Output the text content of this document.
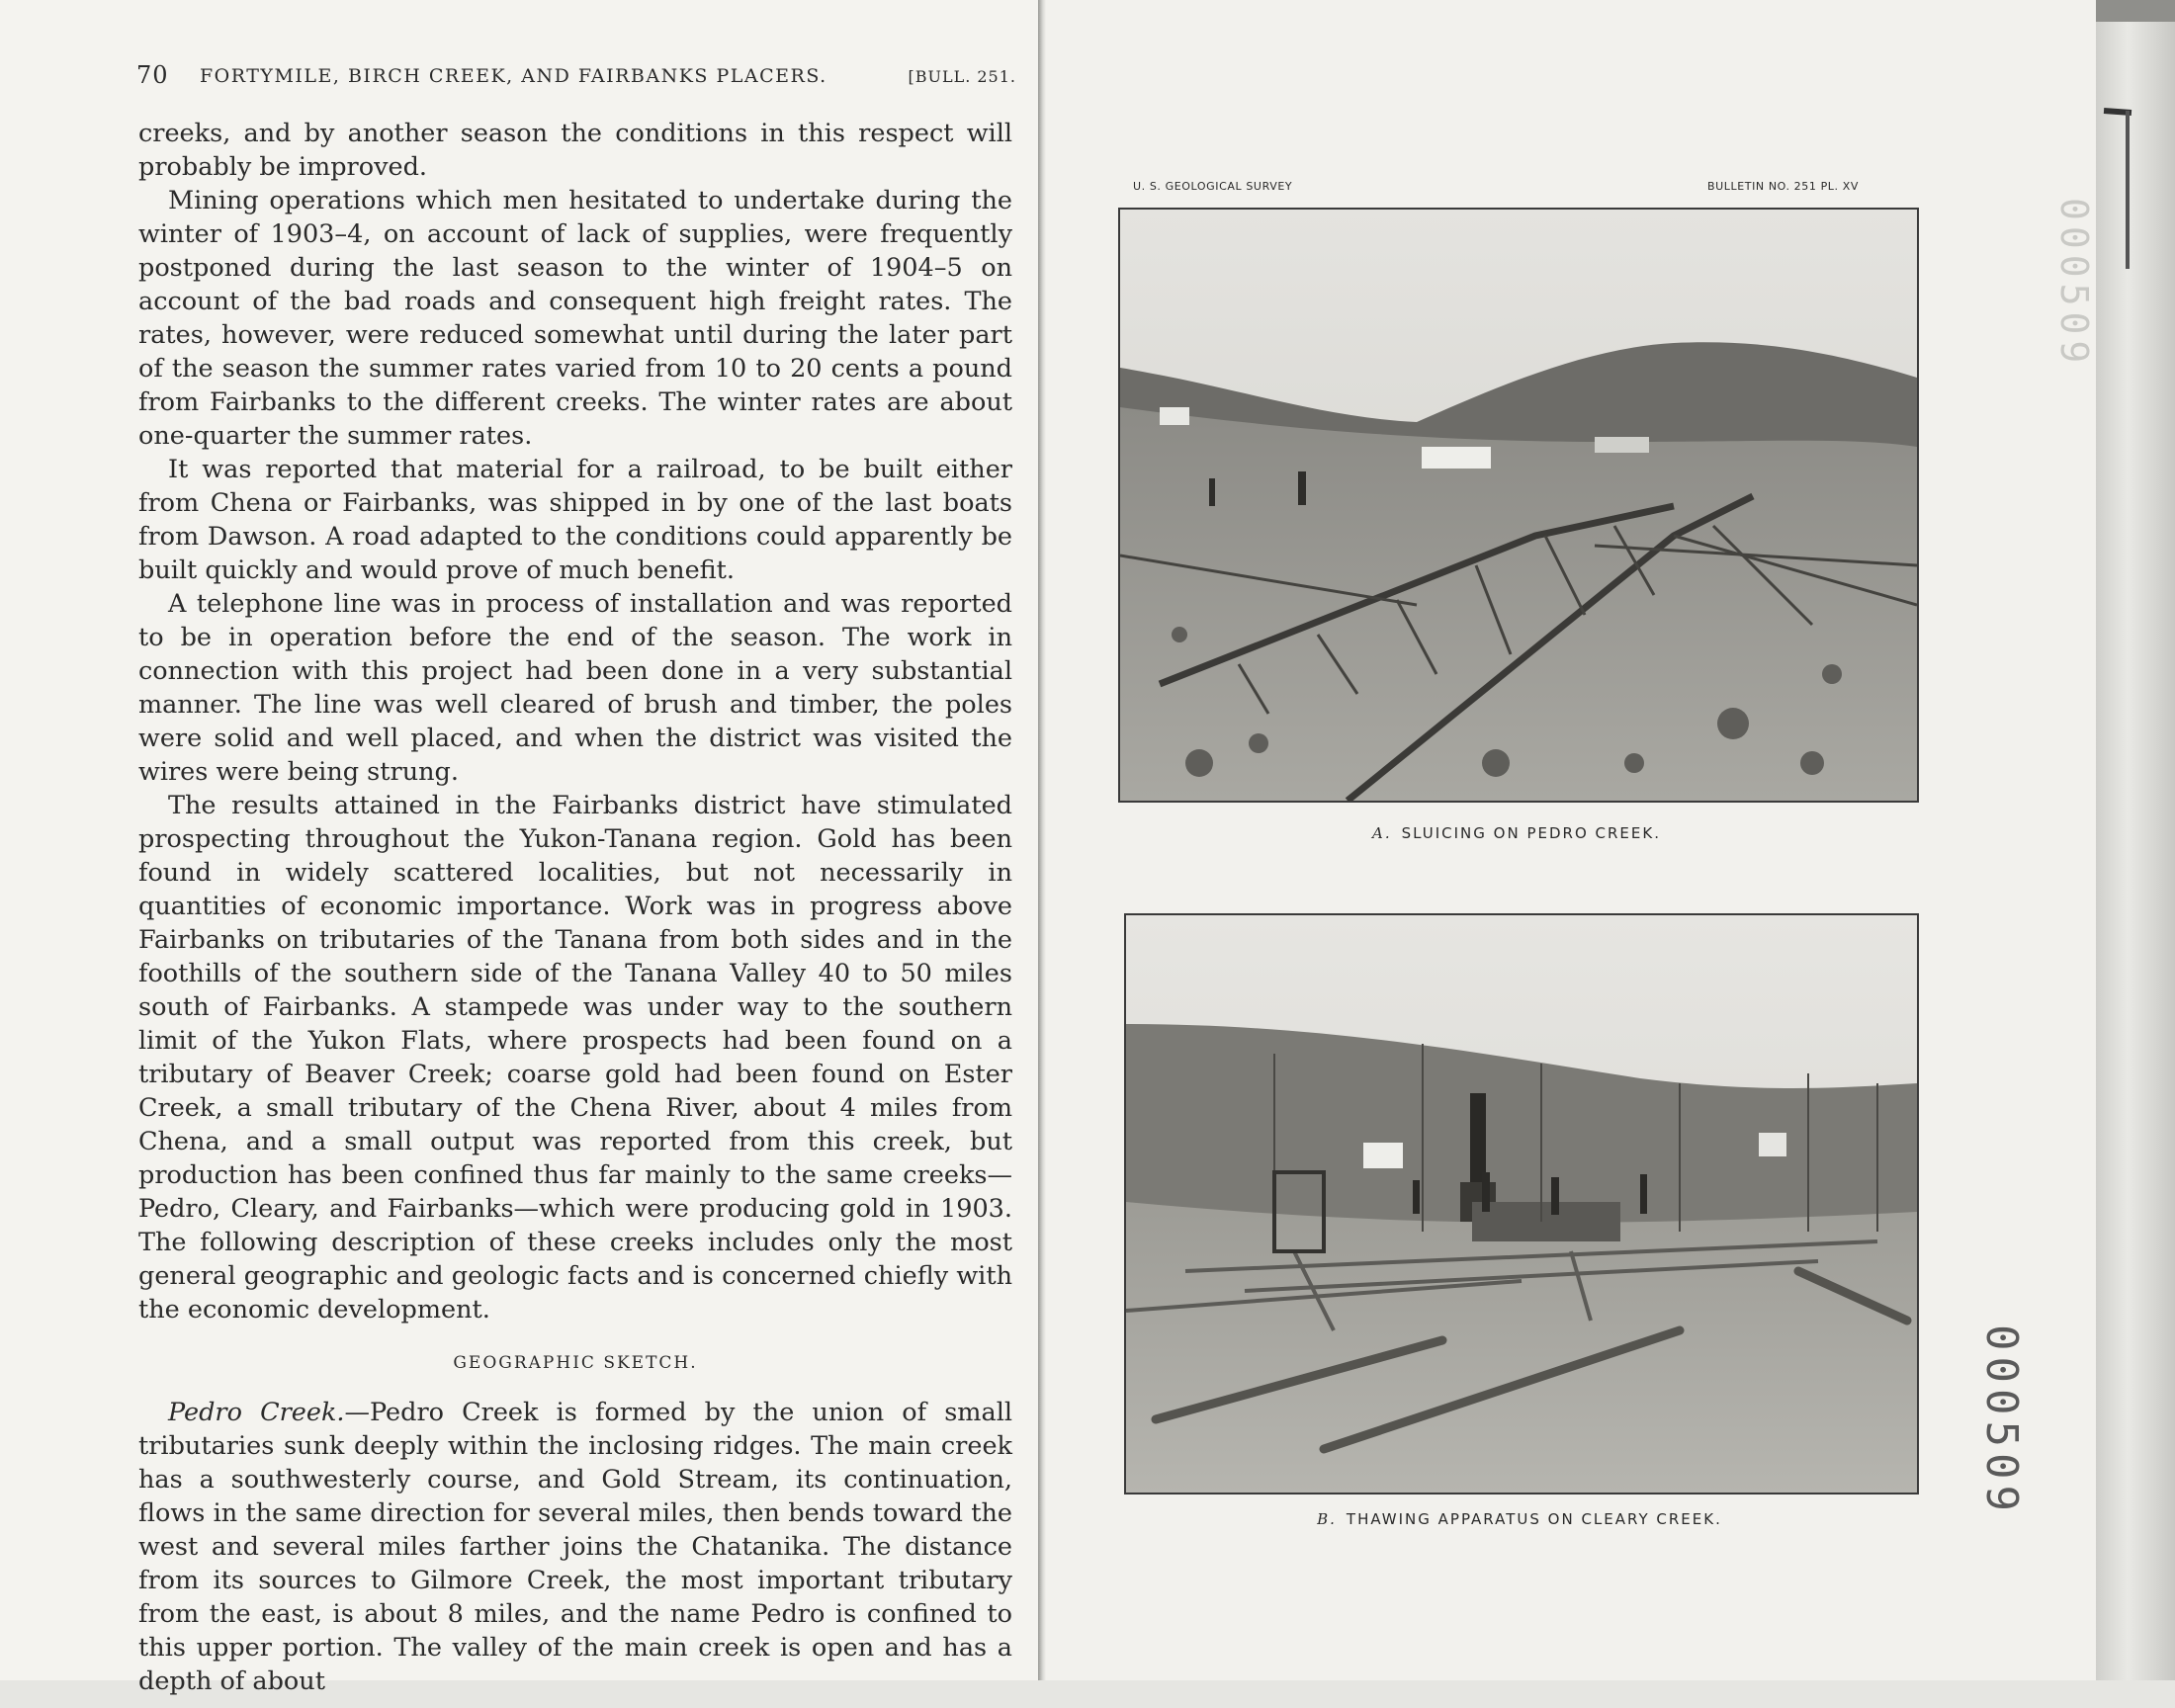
70 FORTYMILE, BIRCH CREEK, AND FAIRBANKS PLACERS.	[BULL. 251.

creeks, and by another season the conditions in this respect will probably be improved.

Mining operations which men hesitated to undertake during the winter of 1903–4, on account of lack of supplies, were frequently postponed during the last season to the winter of 1904–5 on account of the bad roads and consequent high freight rates. The rates, however, were reduced somewhat until during the later part of the season the summer rates varied from 10 to 20 cents a pound from Fairbanks to the different creeks. The winter rates are about one-quarter the summer rates.

It was reported that material for a railroad, to be built either from Chena or Fairbanks, was shipped in by one of the last boats from Dawson. A road adapted to the conditions could apparently be built quickly and would prove of much benefit.

A telephone line was in process of installation and was reported to be in operation before the end of the season. The work in connection with this project had been done in a very substantial manner. The line was well cleared of brush and timber, the poles were solid and well placed, and when the district was visited the wires were being strung.

The results attained in the Fairbanks district have stimulated prospecting throughout the Yukon-Tanana region. Gold has been found in widely scattered localities, but not necessarily in quantities of economic importance. Work was in progress above Fairbanks on tributaries of the Tanana from both sides and in the foothills of the southern side of the Tanana Valley 40 to 50 miles south of Fairbanks. A stampede was under way to the southern limit of the Yukon Flats, where prospects had been found on a tributary of Beaver Creek; coarse gold had been found on Ester Creek, a small tributary of the Chena River, about 4 miles from Chena, and a small output was reported from this creek, but production has been confined thus far mainly to the same creeks—Pedro, Cleary, and Fairbanks—which were producing gold in 1903. The following description of these creeks includes only the most general geographic and geologic facts and is concerned chiefly with the economic development.

GEOGRAPHIC SKETCH.

Pedro Creek.—Pedro Creek is formed by the union of small tributaries sunk deeply within the inclosing ridges. The main creek has a southwesterly course, and Gold Stream, its continuation, flows in the same direction for several miles, then bends toward the west and several miles farther joins the Chatanika. The distance from its sources to Gilmore Creek, the most important tributary from the east, is about 8 miles, and the name Pedro is confined to this upper portion. The valley of the main creek is open and has a depth of about

U. S. GEOLOGICAL SURVEY	BULLETIN NO. 251 PL. XV
A. SLUICING ON PEDRO CREEK.
B. THAWING APPARATUS ON CLEARY CREEK.
000509
000509
